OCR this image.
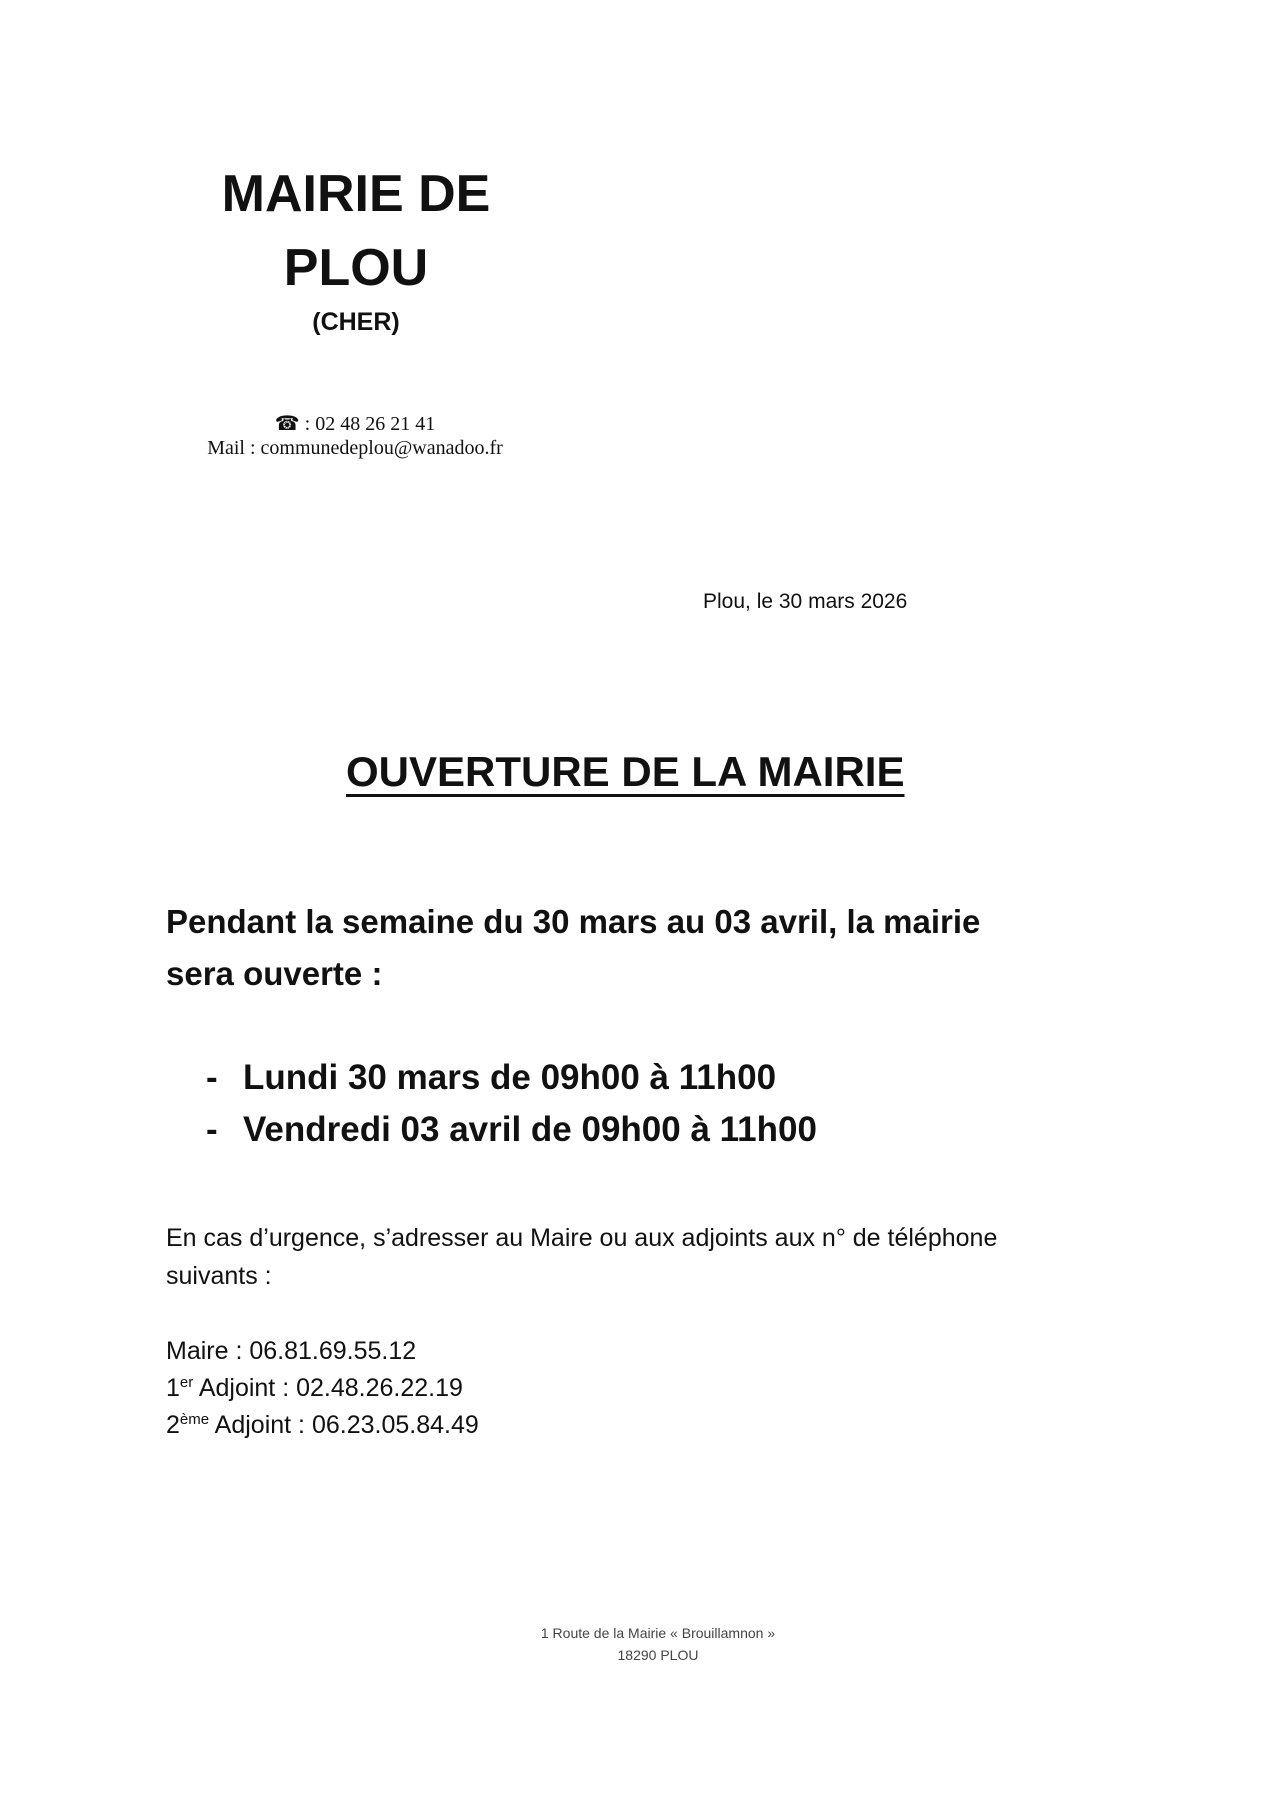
MAIRIE DE
PLOU
(CHER)
☎ : 02 48 26 21 41
Mail : communedeplou@wanadoo.fr
Plou, le 30 mars 2026
OUVERTURE DE LA MAIRIE
Pendant la semaine du 30 mars au 03 avril, la mairie
sera ouverte :
- Lundi 30 mars de 09h00 à 11h00
- Vendredi 03 avril de 09h00 à 11h00
En cas d’urgence, s’adresser au Maire ou aux adjoints aux n° de téléphone
suivants :
Maire : 06.81.69.55.12
1er Adjoint : 02.48.26.22.19
2ème Adjoint : 06.23.05.84.49
1 Route de la Mairie « Brouillamnon »
18290 PLOU
